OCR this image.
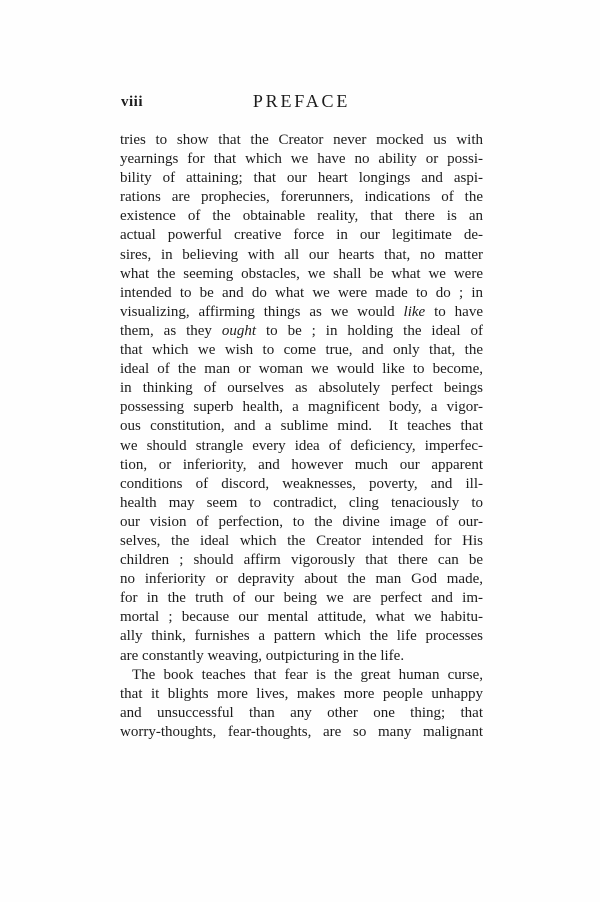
viii	PREFACE
tries to show that the Creator never mocked us with
yearnings for that which we have no ability or possi-
bility of attaining; that our heart longings and aspi-
rations are prophecies, forerunners, indications of the
existence of the obtainable reality, that there is an
actual powerful creative force in our legitimate de-
sires, in believing with all our hearts that, no matter
what the seeming obstacles, we shall be what we were
intended to be and do what we were made to do ; in
visualizing, affirming things as we would like to have
them, as they ought to be ; in holding the ideal of
that which we wish to come true, and only that, the
ideal of the man or woman we would like to become,
in thinking of ourselves as absolutely perfect beings
possessing superb health, a magnificent body, a vigor-
ous constitution, and a sublime mind.  It teaches that
we should strangle every idea of deficiency, imperfec-
tion, or inferiority, and however much our apparent
conditions of discord, weaknesses, poverty, and ill-
health may seem to contradict, cling tenaciously to
our vision of perfection, to the divine image of our-
selves, the ideal which the Creator intended for His
children ; should affirm vigorously that there can be
no inferiority or depravity about the man God made,
for in the truth of our being we are perfect and im-
mortal ; because our mental attitude, what we habitu-
ally think, furnishes a pattern which the life processes
are constantly weaving, outpicturing in the life.
The book teaches that fear is the great human curse,
that it blights more lives, makes more people unhappy
and unsuccessful than any other one thing; that
worry-thoughts, fear-thoughts, are so many malignant
